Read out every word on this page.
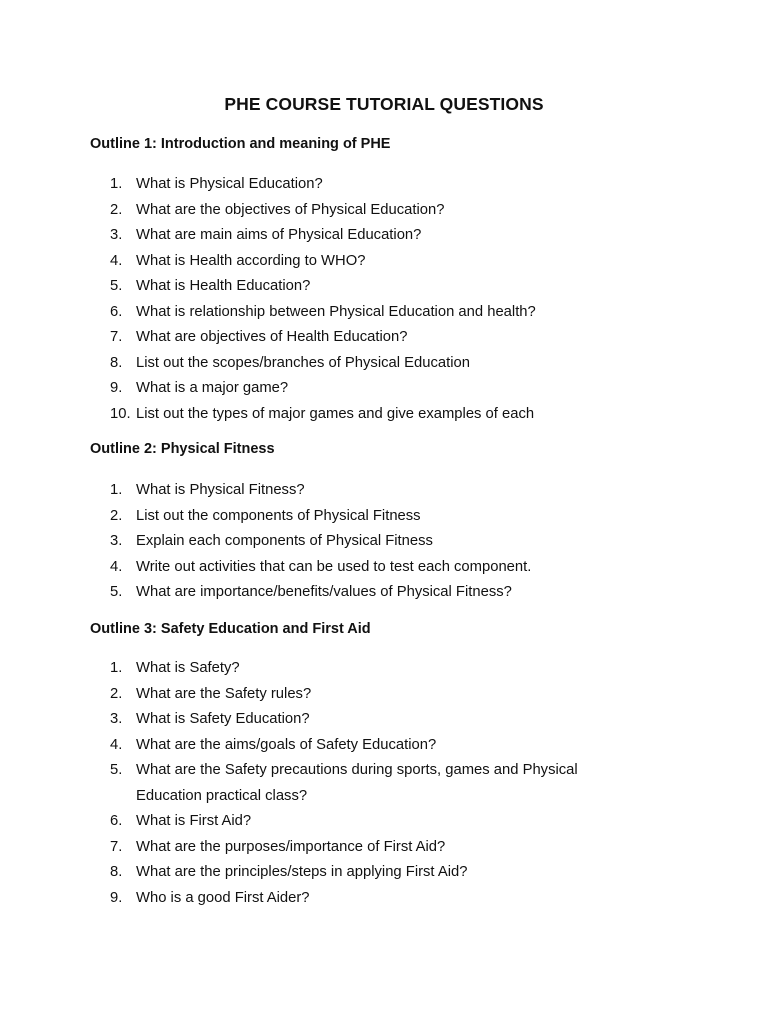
PHE COURSE TUTORIAL QUESTIONS
Outline 1: Introduction and meaning of PHE
1. What is Physical Education?
2. What are the objectives of Physical Education?
3. What are main aims of Physical Education?
4. What is Health according to WHO?
5. What is Health Education?
6. What is relationship between Physical Education and health?
7. What are objectives of Health Education?
8. List out the scopes/branches of Physical Education
9. What is a major game?
10. List out the types of major games and give examples of each
Outline 2: Physical Fitness
1. What is Physical Fitness?
2. List out the components of Physical Fitness
3. Explain each components of Physical Fitness
4. Write out activities that can be used to test each component.
5. What are importance/benefits/values of Physical Fitness?
Outline 3: Safety Education and First Aid
1. What is Safety?
2. What are the Safety rules?
3. What is Safety Education?
4. What are the aims/goals of Safety Education?
5. What are the Safety precautions during sports, games and Physical Education practical class?
6. What is First Aid?
7. What are the purposes/importance of First Aid?
8. What are the principles/steps in applying First Aid?
9. Who is a good First Aider?
